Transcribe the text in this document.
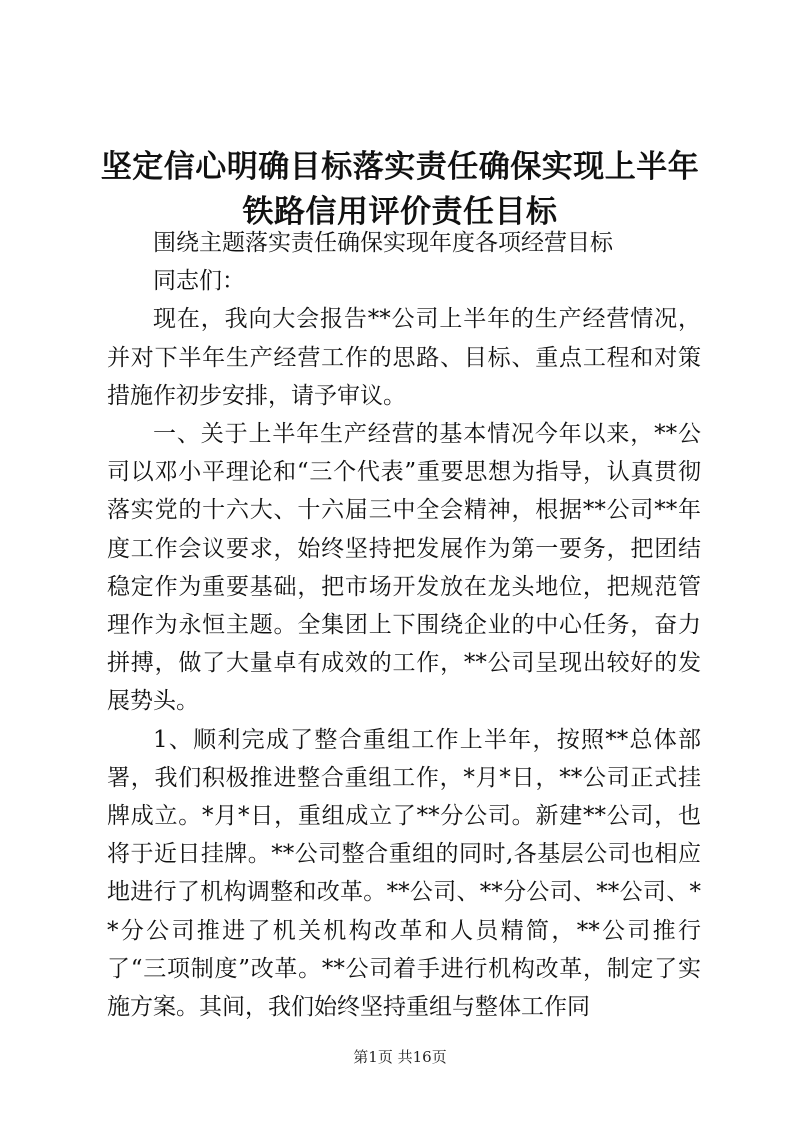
坚定信心明确目标落实责任确保实现上半年铁路信用评价责任目标

围绕主题落实责任确保实现年度各项经营目标

同志们：

现在，我向大会报告**公司上半年的生产经营情况，并对下半年生产经营工作的思路、目标、重点工程和对策措施作初步安排，请予审议。

一、关于上半年生产经营的基本情况今年以来，**公司以邓小平理论和“三个代表”重要思想为指导，认真贯彻落实党的十六大、十六届三中全会精神，根据**公司**年度工作会议要求，始终坚持把发展作为第一要务，把团结稳定作为重要基础，把市场开发放在龙头地位，把规范管理作为永恒主题。全集团上下围绕企业的中心任务，奋力拼搏，做了大量卓有成效的工作，**公司呈现出较好的发展势头。

1、顺利完成了整合重组工作上半年，按照**总体部署，我们积极推进整合重组工作，*月*日，**公司正式挂牌成立。*月*日，重组成立了**分公司。新建**公司，也将于近日挂牌。**公司整合重组的同时,各基层公司也相应地进行了机构调整和改革。**公司、**分公司、**公司、**分公司推进了机关机构改革和人员精简，**公司推行了“三项制度”改革。**公司着手进行机构改革，制定了实施方案。其间，我们始终坚持重组与整体工作同

第1页 共16页
